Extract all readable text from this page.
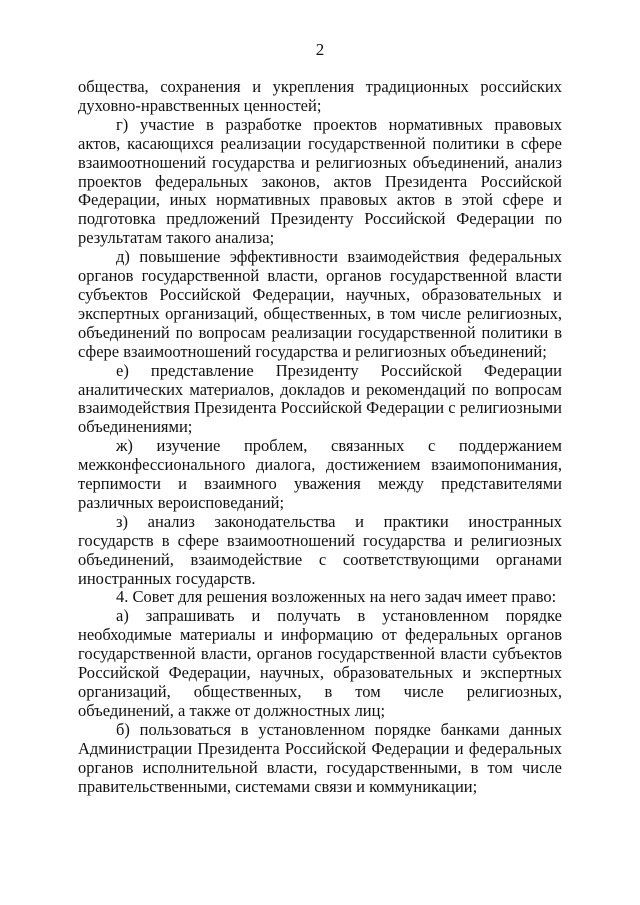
2

общества, сохранения и укрепления традиционных российских духовно-нравственных ценностей;

г) участие в разработке проектов нормативных правовых актов, касающихся реализации государственной политики в сфере взаимоотношений государства и религиозных объединений, анализ проектов федеральных законов, актов Президента Российской Федерации, иных нормативных правовых актов в этой сфере и подготовка предложений Президенту Российской Федерации по результатам такого анализа;

д) повышение эффективности взаимодействия федеральных органов государственной власти, органов государственной власти субъектов Российской Федерации, научных, образовательных и экспертных организаций, общественных, в том числе религиозных, объединений по вопросам реализации государственной политики в сфере взаимоотношений государства и религиозных объединений;

е) представление Президенту Российской Федерации аналитических материалов, докладов и рекомендаций по вопросам взаимодействия Президента Российской Федерации с религиозными объединениями;

ж) изучение проблем, связанных с поддержанием межконфессионального диалога, достижением взаимопонимания, терпимости и взаимного уважения между представителями различных вероисповеданий;

з) анализ законодательства и практики иностранных государств в сфере взаимоотношений государства и религиозных объединений, взаимодействие с соответствующими органами иностранных государств.

4. Совет для решения возложенных на него задач имеет право:

а) запрашивать и получать в установленном порядке необходимые материалы и информацию от федеральных органов государственной власти, органов государственной власти субъектов Российской Федерации, научных, образовательных и экспертных организаций, общественных, в том числе религиозных, объединений, а также от должностных лиц;

б) пользоваться в установленном порядке банками данных Администрации Президента Российской Федерации и федеральных органов исполнительной власти, государственными, в том числе правительственными, системами связи и коммуникации;
